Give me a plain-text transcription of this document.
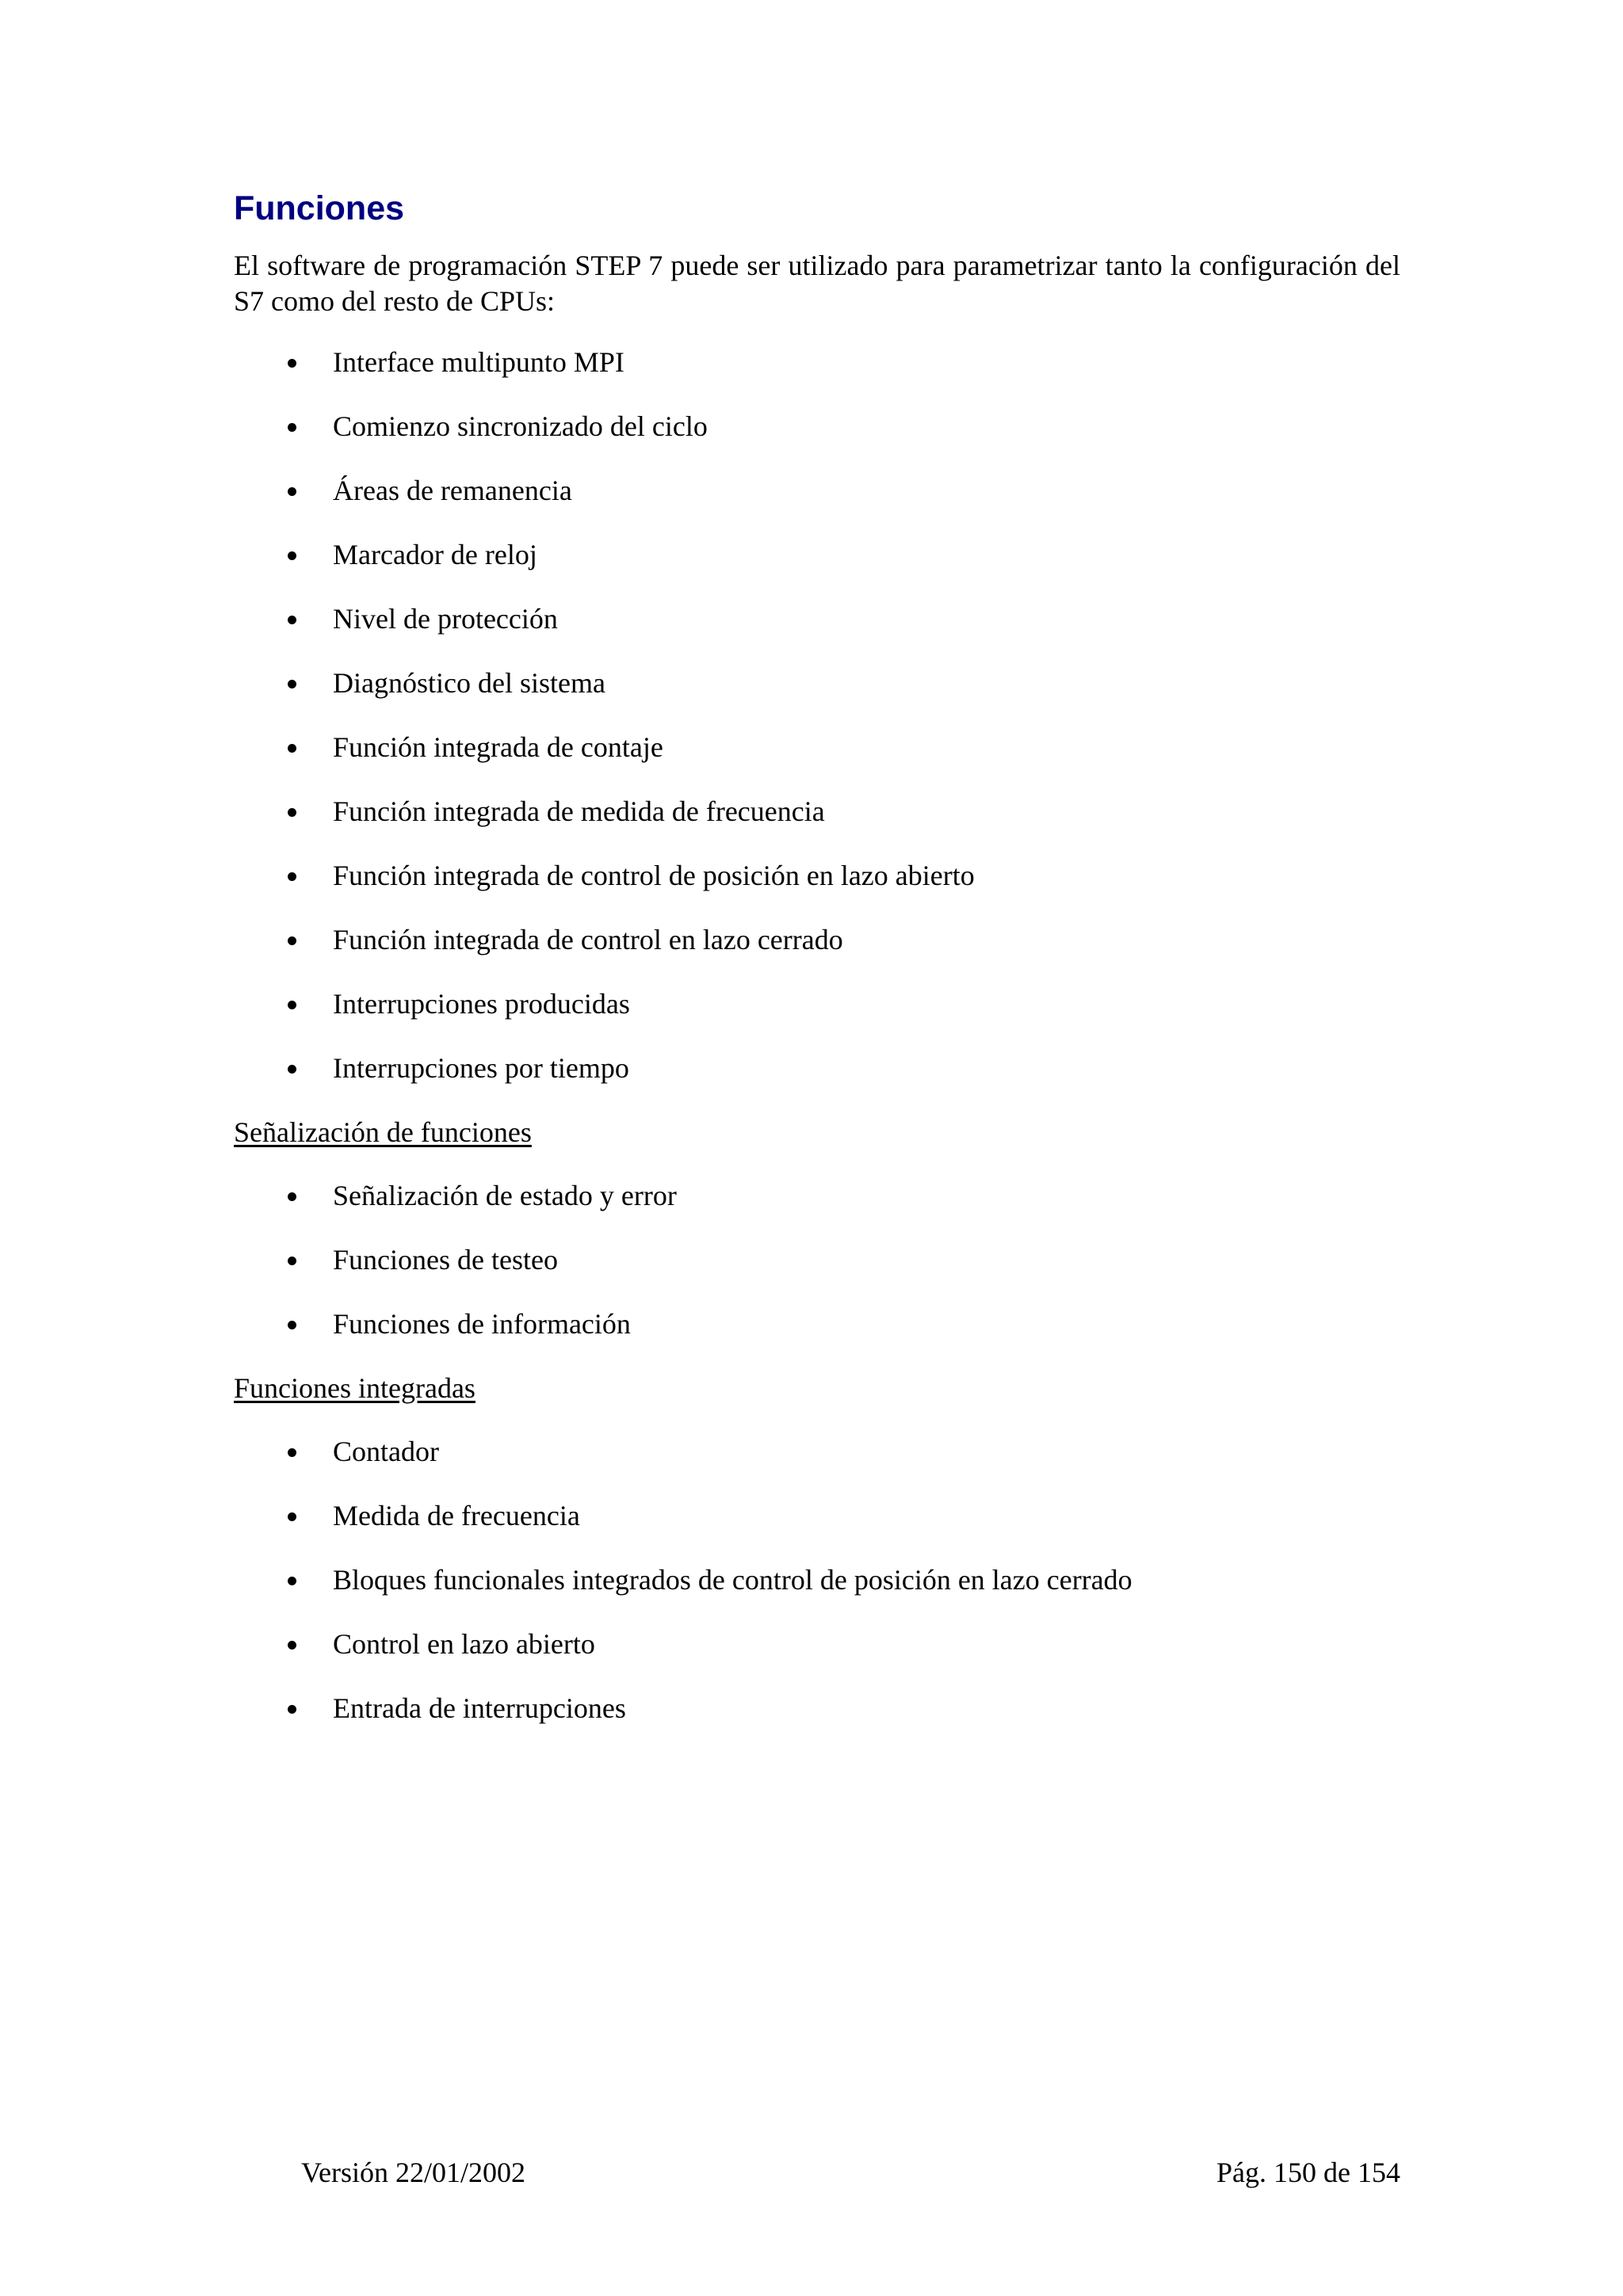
Funciones

El software de programación STEP 7 puede ser utilizado para parametrizar tanto la configuración del S7 como del resto de CPUs:

Interface multipunto MPI
Comienzo sincronizado del ciclo
Áreas de remanencia
Marcador de reloj
Nivel de protección
Diagnóstico del sistema
Función integrada de contaje
Función integrada de medida de frecuencia
Función integrada de control de posición en lazo abierto
Función integrada de control en lazo cerrado
Interrupciones producidas
Interrupciones por tiempo

Señalización de funciones

Señalización de estado y error
Funciones de testeo
Funciones de información

Funciones integradas

Contador
Medida de frecuencia
Bloques funcionales integrados de control de posición en lazo cerrado
Control en lazo abierto
Entrada de interrupciones
Versión 22/01/2002	Pág. 150 de 154
